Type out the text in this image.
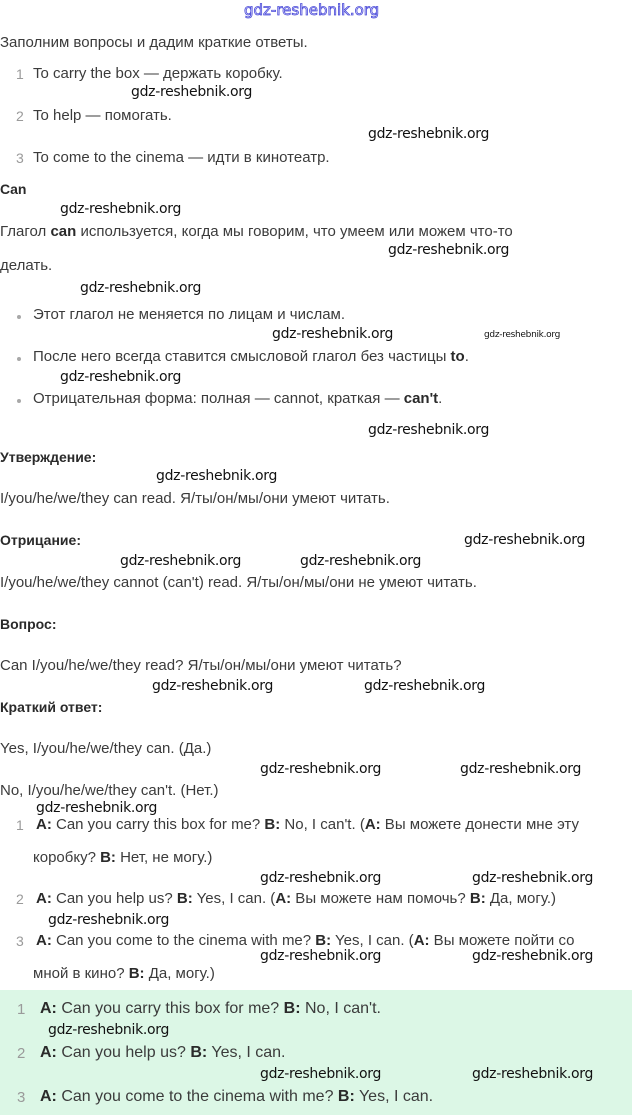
gdz-reshebnik.org
Заполним вопросы и дадим краткие ответы.
1 To carry the box — держать коробку.
2 To help — помогать.
3 To come to the cinema — идти в кинотеатр.
Can
Глагол can используется, когда мы говорим, что умеем или можем что-то
делать.
Этот глагол не меняется по лицам и числам.
После него всегда ставится смысловой глагол без частицы to.
Отрицательная форма: полная — cannot, краткая — can't.
Утверждение:
I/you/he/we/they can read. Я/ты/он/мы/они умеют читать.
Отрицание:
I/you/he/we/they cannot (can't) read. Я/ты/он/мы/они не умеют читать.
Вопрос:
Can I/you/he/we/they read? Я/ты/он/мы/они умеют читать?
Краткий ответ:
Yes, I/you/he/we/they can. (Да.)
No, I/you/he/we/they can't. (Нет.)
1 A: Can you carry this box for me? B: No, I can't. (A: Вы можете донести мне эту
коробку? B: Нет, не могу.)
2 A: Can you help us? B: Yes, I can. (A: Вы можете нам помочь? B: Да, могу.)
3 A: Can you come to the cinema with me? B: Yes, I can. (A: Вы можете пойти со
мной в кино? B: Да, могу.)
1 A: Can you carry this box for me? B: No, I can't.
2 A: Can you help us? B: Yes, I can.
3 A: Can you come to the cinema with me? B: Yes, I can.
gdz-reshebnik.org
gdz-reshebnik.org
gdz-reshebnik.org
gdz-reshebnik.org
gdz-reshebnik.org
gdz-reshebnik.org	gdz-reshebnik.org
gdz-reshebnik.org
gdz-reshebnik.org
gdz-reshebnik.org
gdz-reshebnik.org
gdz-reshebnik.org	gdz-reshebnik.org
gdz-reshebnik.org	gdz-reshebnik.org
gdz-reshebnik.org	gdz-reshebnik.org
gdz-reshebnik.org
gdz-reshebnik.org	gdz-reshebnik.org
gdz-reshebnik.org
gdz-reshebnik.org	gdz-reshebnik.org
gdz-reshebnik.org
gdz-reshebnik.org	gdz-reshebnik.org
